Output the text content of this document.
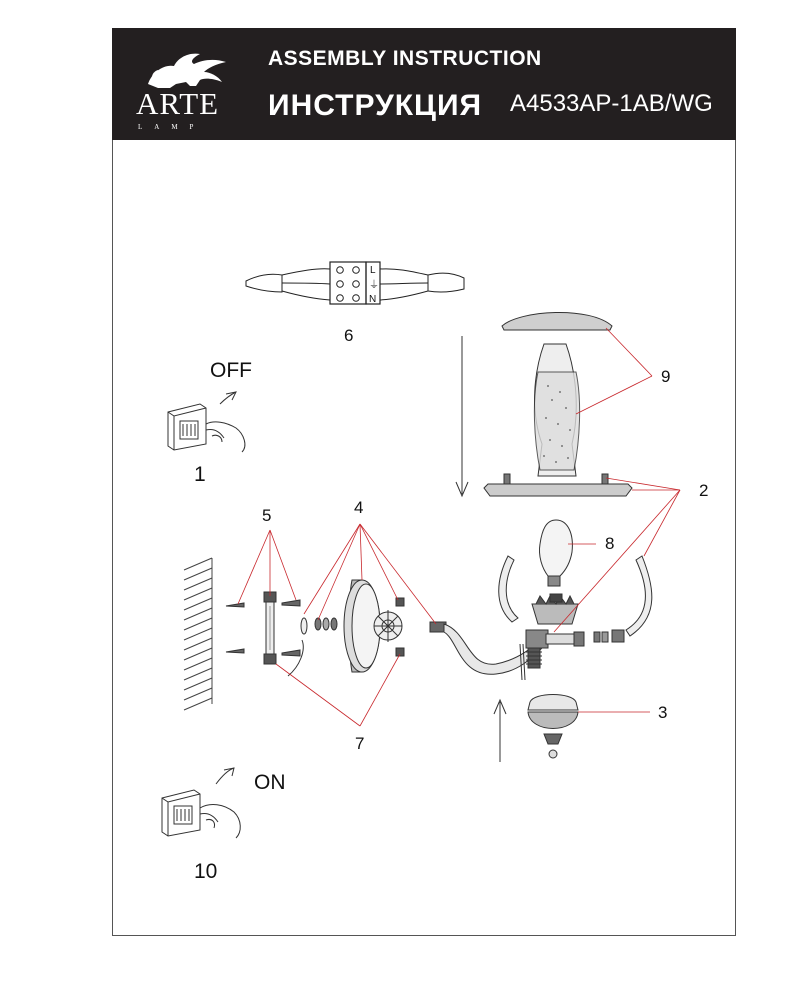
ARTE
LAMP
ASSEMBLY INSTRUCTION
ИНСТРУКЦИЯ A4533AP-1AB/WG
L
⏚
N
6
OFF
1
ON
10
9
2
8
3
4
5
7
